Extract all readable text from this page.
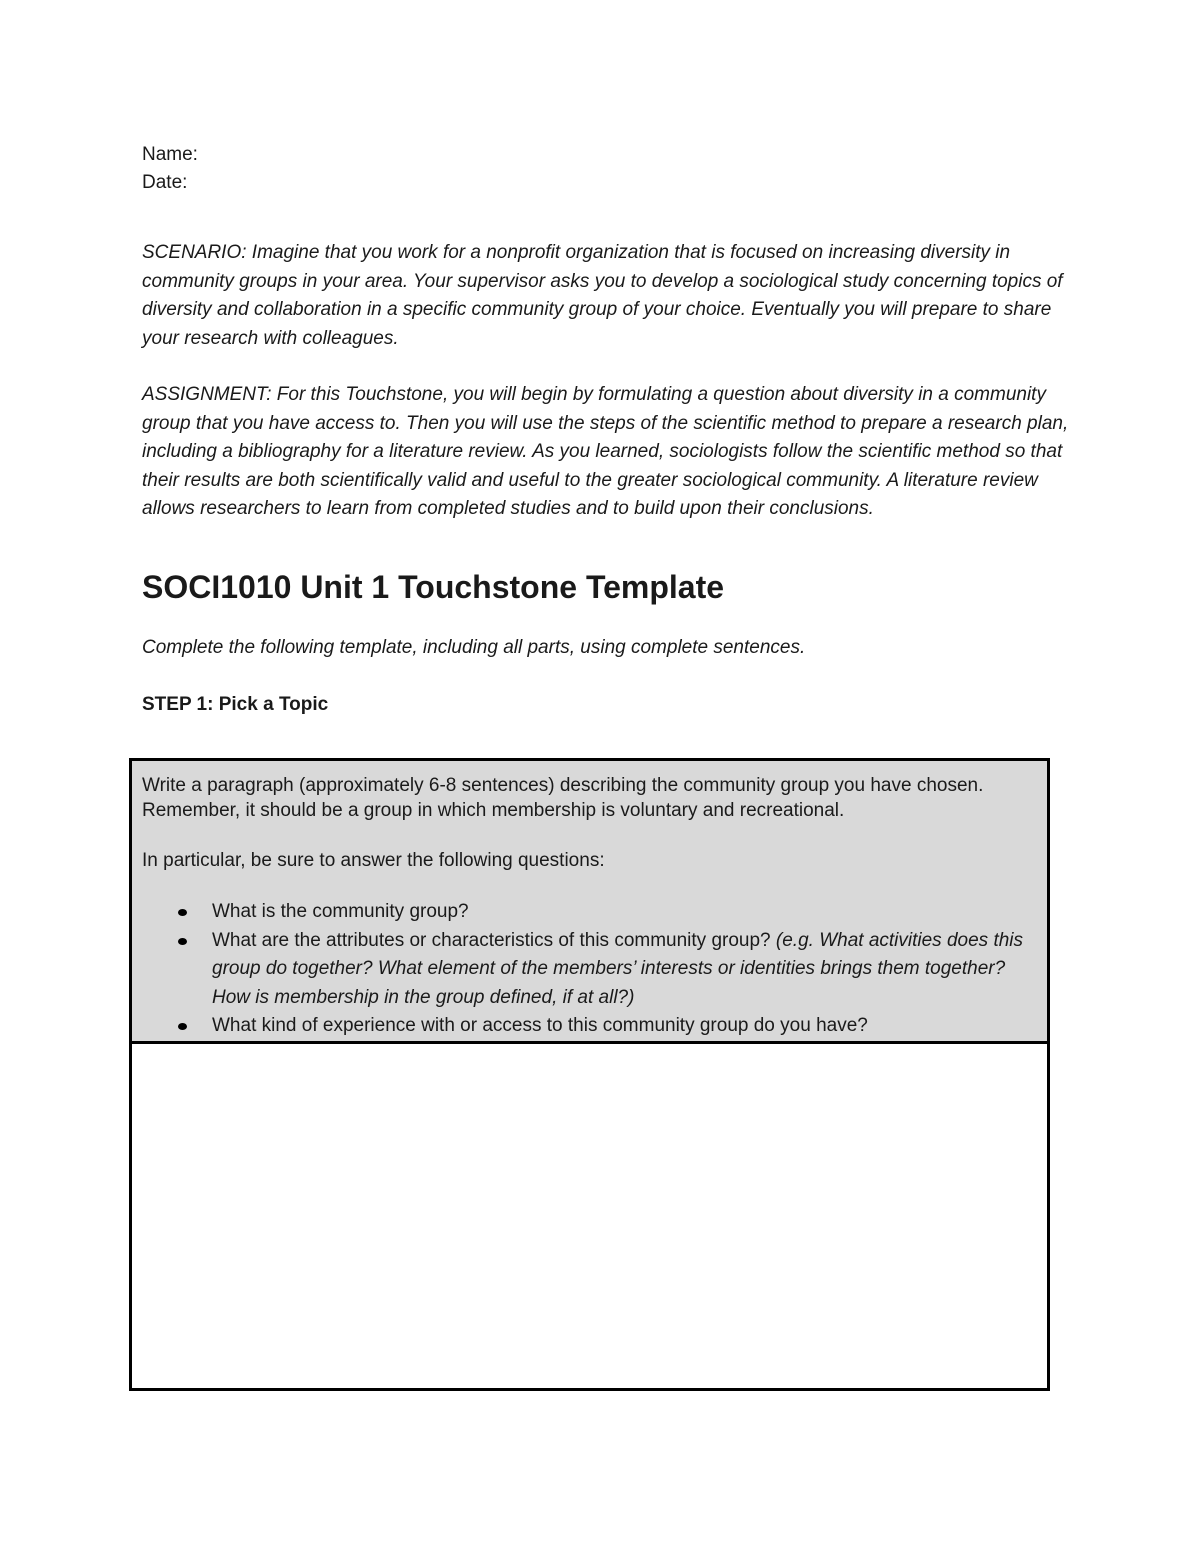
Name:

Date:

SCENARIO: Imagine that you work for a nonprofit organization that is focused on increasing diversity in community groups in your area. Your supervisor asks you to develop a sociological study concerning topics of diversity and collaboration in a specific community group of your choice. Eventually you will prepare to share your research with colleagues.

ASSIGNMENT: For this Touchstone, you will begin by formulating a question about diversity in a community group that you have access to. Then you will use the steps of the scientific method to prepare a research plan, including a bibliography for a literature review. As you learned, sociologists follow the scientific method so that their results are both scientifically valid and useful to the greater sociological community. A literature review allows researchers to learn from completed studies and to build upon their conclusions.

SOCI1010 Unit 1 Touchstone Template

Complete the following template, including all parts, using complete sentences.

STEP 1: Pick a Topic

Write a paragraph (approximately 6-8 sentences) describing the community group you have chosen. Remember, it should be a group in which membership is voluntary and recreational.

In particular, be sure to answer the following questions:

What is the community group?
What are the attributes or characteristics of this community group? (e.g. What activities does this group do together? What element of the members’ interests or identities brings them together? How is membership in the group defined, if at all?)
What kind of experience with or access to this community group do you have?
